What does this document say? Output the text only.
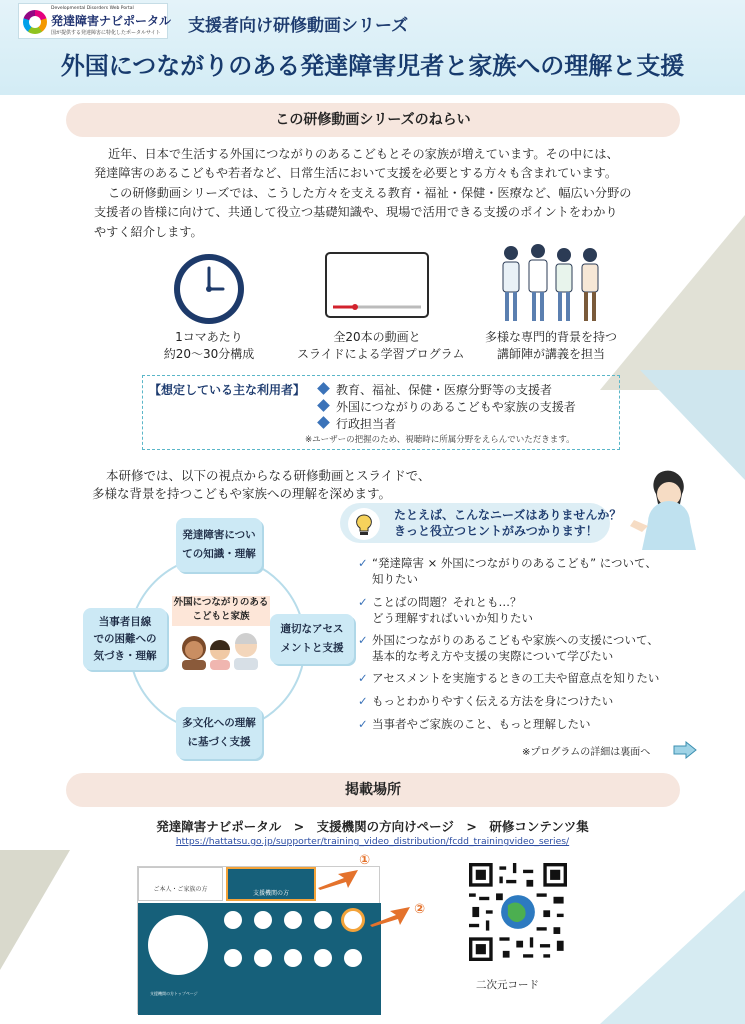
Developmental Disorders Web Portal
発達障害ナビポータル
国が提供する発達障害に特化したポータルサイト 支援者向け研修動画シリーズ
外国につながりのある発達障害児者と家族への理解と支援
この研修動画シリーズのねらい
近年、日本で生活する外国につながりのあるこどもとその家族が増えています。その中には、
発達障害のあるこどもや若者など、日常生活において支援を必要とする方々も含まれています。
この研修動画シリーズでは、こうした方々を支える教育・福祉・保健・医療など、幅広い分野の
支援者の皆様に向けて、共通して役立つ基礎知識や、現場で活用できる支援のポイントをわかり
やすく紹介します。
1コマあたり
約20～30分構成
全20本の動画と
スライドによる学習プログラム
多様な専門的背景を持つ
講師陣が講義を担当
【想定している主な利用者】	教育、福祉、保健・医療分野等の支援者
外国につながりのあるこどもや家族の支援者
行政担当者
※ユーザーの把握のため、視聴時に所属分野をえらんでいただきます。
本研修では、以下の視点からなる研修動画とスライドで、
多様な背景を持つこどもや家族への理解を深めます。
発達障害につい
ての知識・理解
適切なアセス
メントと支援
多文化への理解
に基づく支援
当事者目線
での困難への
気づき・理解
外国につながりのある
こどもと家族
たとえば、こんなニーズはありませんか？
きっと役立つヒントがみつかります！
✓ “発達障害 × 外国につながりのあるこども” について、
知りたい
✓ ことばの問題？それとも…？
どう理解すればいいか知りたい
✓ 外国につながりのあるこどもや家族への支援について、
基本的な考え方や支援の実際について学びたい
✓ アセスメントを実施するときの工夫や留意点を知りたい
✓ もっとわかりやすく伝える方法を身につけたい
✓ 当事者やご家族のこと、もっと理解したい
※プログラムの詳細は裏面へ
掲載場所
発達障害ナビポータル　>　支援機関の方向けページ　>　研修コンテンツ集
https://hattatsu.go.jp/supporter/training_video_distribution/fcdd_trainingvideo_series/
ご本人・ご家族の方
支援機関の方
支援機関の方トップページ
①
②
二次元コード
